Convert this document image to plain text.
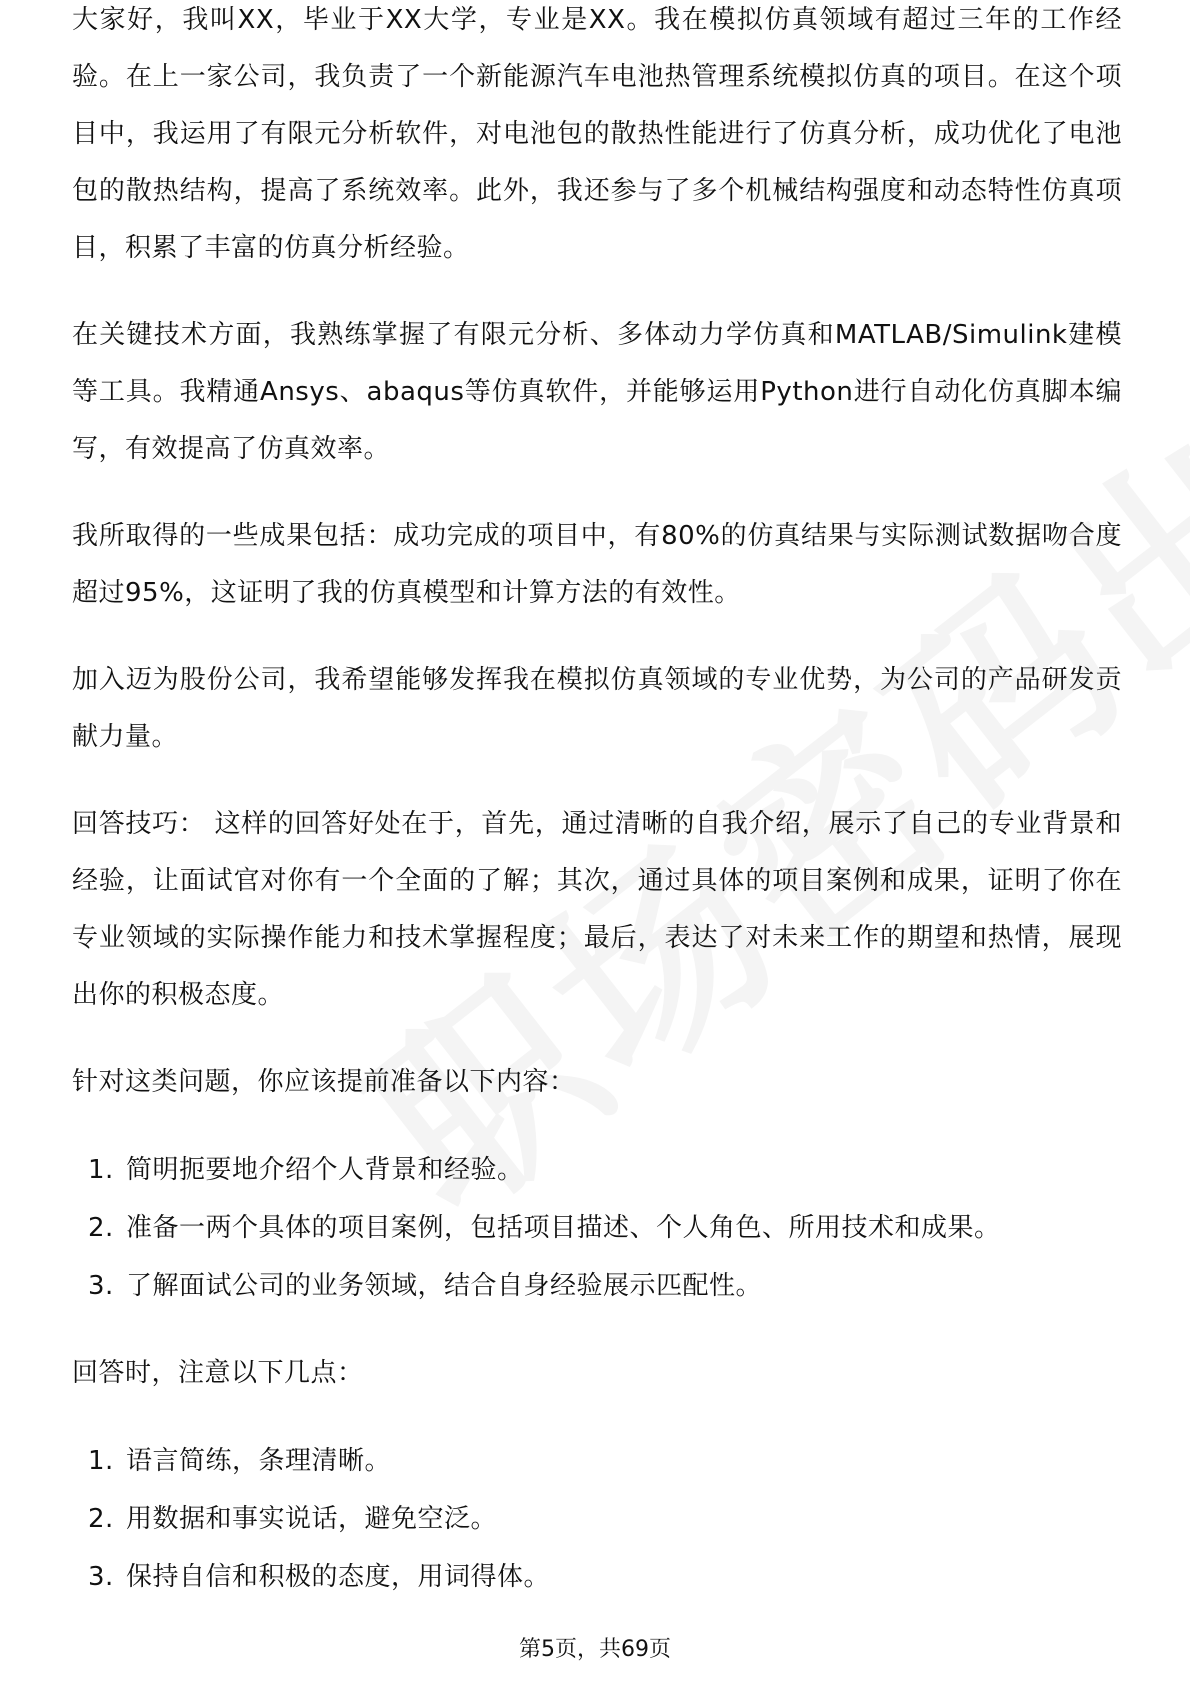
大家好，我叫XX，毕业于XX大学，专业是XX。我在模拟仿真领域有超过三年的工作经验。在上一家公司，我负责了一个新能源汽车电池热管理系统模拟仿真的项目。在这个项目中，我运用了有限元分析软件，对电池包的散热性能进行了仿真分析，成功优化了电池包的散热结构，提高了系统效率。此外，我还参与了多个机械结构强度和动态特性仿真项目，积累了丰富的仿真分析经验。

在关键技术方面，我熟练掌握了有限元分析、多体动力学仿真和MATLAB/Simulink建模等工具。我精通Ansys、abaqus等仿真软件，并能够运用Python进行自动化仿真脚本编写，有效提高了仿真效率。

我所取得的一些成果包括：成功完成的项目中，有80%的仿真结果与实际测试数据吻合度超过95%，这证明了我的仿真模型和计算方法的有效性。

加入迈为股份公司，我希望能够发挥我在模拟仿真领域的专业优势，为公司的产品研发贡献力量。

回答技巧： 这样的回答好处在于，首先，通过清晰的自我介绍，展示了自己的专业背景和经验，让面试官对你有一个全面的了解；其次，通过具体的项目案例和成果，证明了你在专业领域的实际操作能力和技术掌握程度；最后，表达了对未来工作的期望和热情，展现出你的积极态度。

针对这类问题，你应该提前准备以下内容：

1. 简明扼要地介绍个人背景和经验。
2. 准备一两个具体的项目案例，包括项目描述、个人角色、所用技术和成果。
3. 了解面试公司的业务领域，结合自身经验展示匹配性。

回答时，注意以下几点：

1. 语言简练，条理清晰。
2. 用数据和事实说话，避免空泛。
3. 保持自信和积极的态度，用词得体。
第5页，共69页
